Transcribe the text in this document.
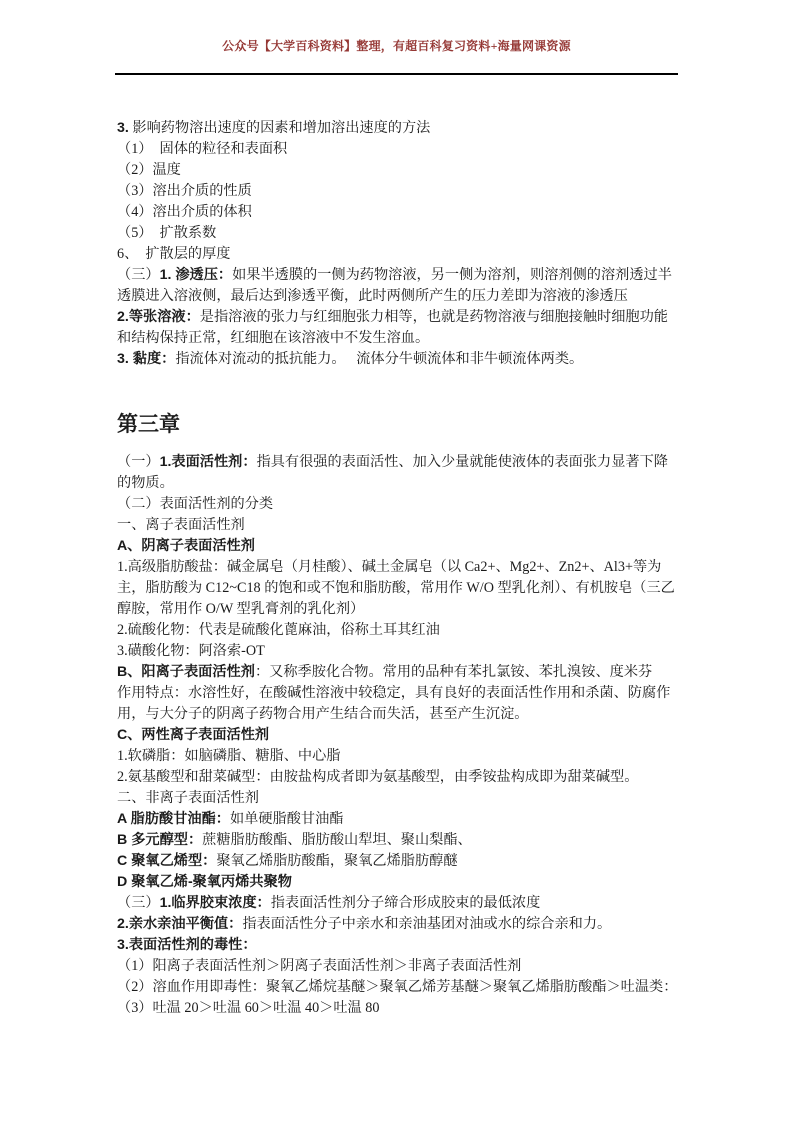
公众号【大学百科资料】整理，有超百科复习资料+海量网课资源
3. 影响药物溶出速度的因素和增加溶出速度的方法
（1）　固体的粒径和表面积
（2）温度
（3）溶出介质的性质
（4）溶出介质的体积
（5）　扩散系数
6、　扩散层的厚度
（三）1. 渗透压：如果半透膜的一侧为药物溶液，另一侧为溶剂，则溶剂侧的溶剂透过半
透膜进入溶液侧，最后达到渗透平衡，此时两侧所产生的压力差即为溶液的渗透压
2.等张溶液：是指溶液的张力与红细胞张力相等，也就是药物溶液与细胞接触时细胞功能
和结构保持正常，红细胞在该溶液中不发生溶血。
3. 黏度：指流体对流动的抵抗能力。　 流体分牛顿流体和非牛顿流体两类。
第三章
（一）1.表面活性剂：指具有很强的表面活性、加入少量就能使液体的表面张力显著下降
的物质。
（二）表面活性剂的分类
一、离子表面活性剂
A、阴离子表面活性剂
1.高级脂肪酸盐：碱金属皂（月桂酸）、碱土金属皂（以 Ca2+、Mg2+、Zn2+、Al3+等为
主，脂肪酸为 C12~C18 的饱和或不饱和脂肪酸，常用作 W/O 型乳化剂）、有机胺皂（三乙
醇胺，常用作 O/W 型乳膏剂的乳化剂）
2.硫酸化物：代表是硫酸化蓖麻油，俗称土耳其红油
3.磺酸化物：阿洛索-OT
B、阳离子表面活性剂：又称季胺化合物。常用的品种有苯扎氯铵、苯扎溴铵、度米芬
作用特点：水溶性好，在酸碱性溶液中较稳定，具有良好的表面活性作用和杀菌、防腐作
用，与大分子的阴离子药物合用产生结合而失活，甚至产生沉淀。
C、两性离子表面活性剂
1.软磷脂：如脑磷脂、糖脂、中心脂
2.氨基酸型和甜菜碱型：由胺盐构成者即为氨基酸型，由季铵盐构成即为甜菜碱型。
二、非离子表面活性剂
A 脂肪酸甘油酯：如单硬脂酸甘油酯
B 多元醇型：蔗糖脂肪酸酯、脂肪酸山犁坦、聚山梨酯、
C 聚氧乙烯型：聚氧乙烯脂肪酸酯，聚氧乙烯脂肪醇醚
D 聚氧乙烯-聚氧丙烯共聚物
（三）1.临界胶束浓度：指表面活性剂分子缔合形成胶束的最低浓度
2.亲水亲油平衡值：指表面活性分子中亲水和亲油基团对油或水的综合亲和力。
3.表面活性剂的毒性：
（1）阳离子表面活性剂＞阴离子表面活性剂＞非离子表面活性剂
（2）溶血作用即毒性：聚氧乙烯烷基醚＞聚氧乙烯芳基醚＞聚氧乙烯脂肪酸酯＞吐温类：
（3）吐温 20＞吐温 60＞吐温 40＞吐温 80
